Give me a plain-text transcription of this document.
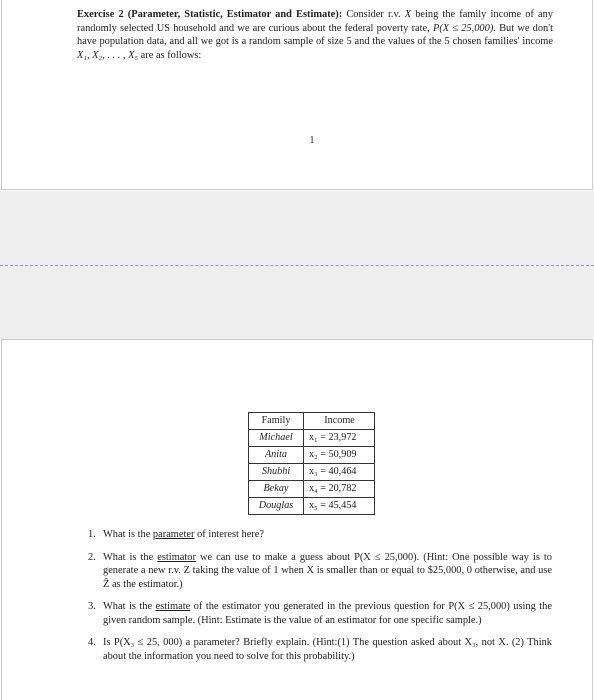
Exercise 2 (Parameter, Statistic, Estimator and Estimate): Consider r.v. X being the family income of any randomly selected US household and we are curious about the federal poverty rate, P(X ≤ 25,000). But we don't have population data, and all we got is a random sample of size 5 and the values of the 5 chosen families' income X₁, X₂, . . . , X₅ are as follows:

1
Family	Income
Michael	x₁ = 23,972
Anita	x₂ = 50,909
Shubhi	x₃ = 40,464
Bekay	x₄ = 20,782
Douglas	x₅ = 45,454
1. What is the parameter of interest here?
2. What is the estimator we can use to make a guess about P(X ≤ 25,000). (Hint: One possible way is to generate a new r.v. Z taking the value of 1 when X is smaller than or equal to $25,000, 0 otherwise, and use Ẑ as the estimator.)
3. What is the estimate of the estimator you generated in the previous question for P(X ≤ 25,000) using the given random sample. (Hint: Estimate is the value of an estimator for one specific sample.)
4. Is P(X₃ ≤ 25, 000) a parameter? Briefly explain. (Hint:(1) The question asked about X₃, not X. (2) Think about the information you need to solve for this probability.)
